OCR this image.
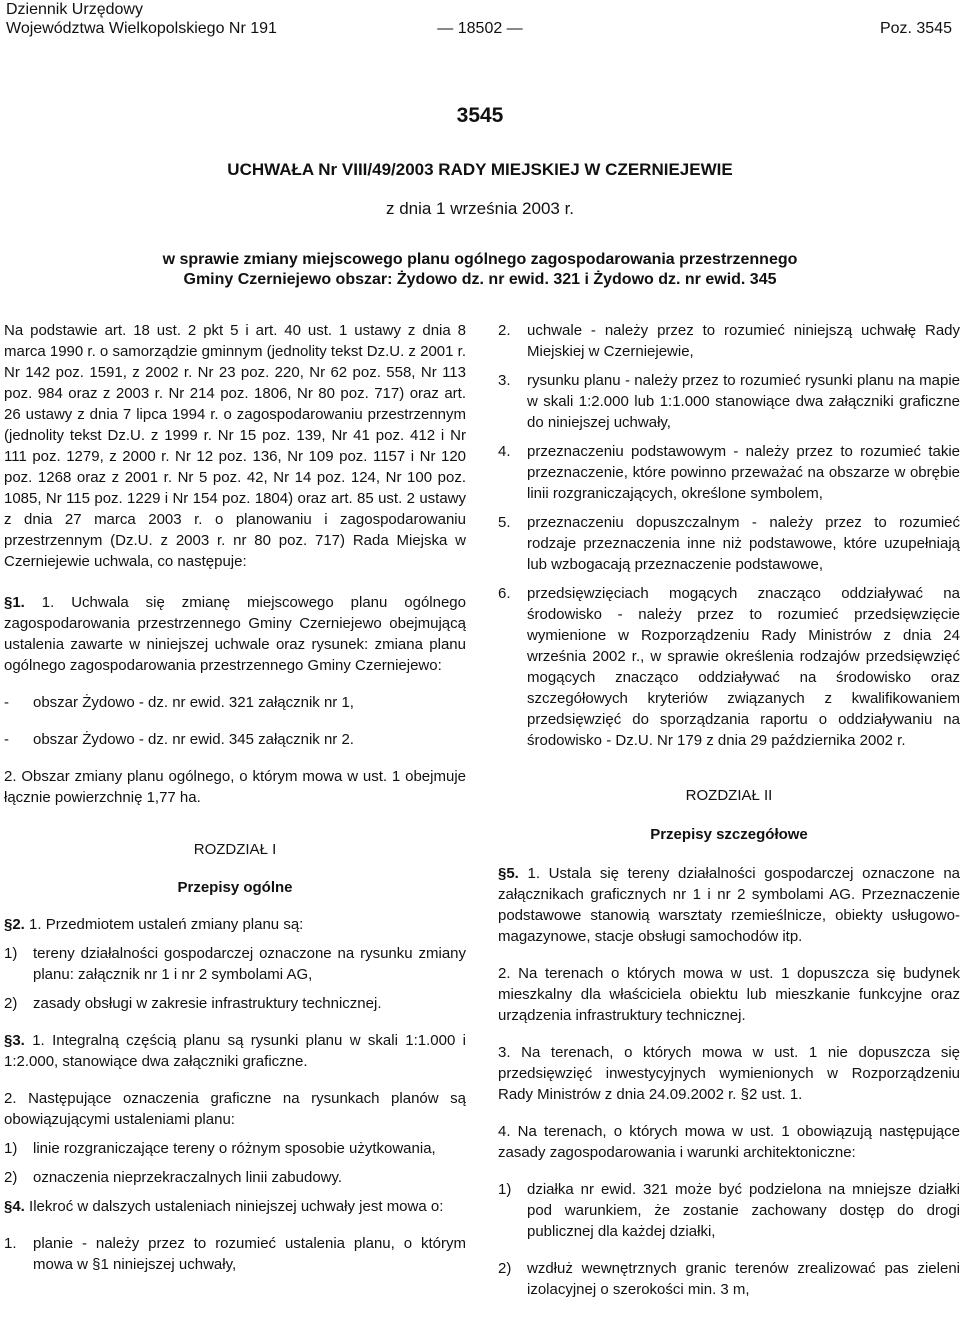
Dziennik Urzędowy
Województwa Wielkopolskiego Nr 191	— 18502 —	Poz. 3545
3545
UCHWAŁA Nr VIII/49/2003 RADY MIEJSKIEJ W CZERNIEJEWIE
z dnia 1 września 2003 r.
w sprawie zmiany miejscowego planu ogólnego zagospodarowania przestrzennego
Gminy Czerniejewo obszar: Żydowo dz. nr ewid. 321 i Żydowo dz. nr ewid. 345

Na podstawie art. 18 ust. 2 pkt 5 i art. 40 ust. 1 ustawy z dnia 8 marca 1990 r. o samorządzie gminnym (jednolity tekst Dz.U. z 2001 r. Nr 142 poz. 1591, z 2002 r. Nr 23 poz. 220, Nr 62 poz. 558, Nr 113 poz. 984 oraz z 2003 r. Nr 214 poz. 1806, Nr 80 poz. 717) oraz art. 26 ustawy z dnia 7 lipca 1994 r. o zagospodarowaniu przestrzennym (jednolity tekst Dz.U. z 1999 r. Nr 15 poz. 139, Nr 41 poz. 412 i Nr 111 poz. 1279, z 2000 r. Nr 12 poz. 136, Nr 109 poz. 1157 i Nr 120 poz. 1268 oraz z 2001 r. Nr 5 poz. 42, Nr 14 poz. 124, Nr 100 poz. 1085, Nr 115 poz. 1229 i Nr 154 poz. 1804) oraz art. 85 ust. 2 ustawy z dnia 27 marca 2003 r. o planowaniu i zagospodarowaniu przestrzennym (Dz.U. z 2003 r. nr 80 poz. 717) Rada Miejska w Czerniejewie uchwala, co następuje:

§1. 1. Uchwala się zmianę miejscowego planu ogólnego zagospodarowania przestrzennego Gminy Czerniejewo obejmującą ustalenia zawarte w niniejszej uchwale oraz rysunek: zmiana planu ogólnego zagospodarowania przestrzennego Gminy Czerniejewo:

-	obszar Żydowo - dz. nr ewid. 321 załącznik nr 1,
-	obszar Żydowo - dz. nr ewid. 345 załącznik nr 2.

2. Obszar zmiany planu ogólnego, o którym mowa w ust. 1 obejmuje łącznie powierzchnię 1,77 ha.

ROZDZIAŁ I

Przepisy ogólne

§2. 1. Przedmiotem ustaleń zmiany planu są:

1)	tereny działalności gospodarczej oznaczone na rysunku zmiany planu: załącznik nr 1 i nr 2 symbolami AG,
2)	zasady obsługi w zakresie infrastruktury technicznej.

§3. 1. Integralną częścią planu są rysunki planu w skali 1:1.000 i 1:2.000, stanowiące dwa załączniki graficzne.

2. Następujące oznaczenia graficzne na rysunkach planów są obowiązującymi ustaleniami planu:

1)	linie rozgraniczające tereny o różnym sposobie użytkowania,
2)	oznaczenia nieprzekraczalnych linii zabudowy.

§4. Ilekroć w dalszych ustaleniach niniejszej uchwały jest mowa o:

1.	planie - należy przez to rozumieć ustalenia planu, o którym mowa w §1 niniejszej uchwały,
2.	uchwale - należy przez to rozumieć niniejszą uchwałę Rady Miejskiej w Czerniejewie,
3.	rysunku planu - należy przez to rozumieć rysunki planu na mapie w skali 1:2.000 lub 1:1.000 stanowiące dwa załączniki graficzne do niniejszej uchwały,
4.	przeznaczeniu podstawowym - należy przez to rozumieć takie przeznaczenie, które powinno przeważać na obszarze w obrębie linii rozgraniczających, określone symbolem,
5.	przeznaczeniu dopuszczalnym - należy przez to rozumieć rodzaje przeznaczenia inne niż podstawowe, które uzupełniają lub wzbogacają przeznaczenie podstawowe,
6.	przedsięwzięciach mogących znacząco oddziaływać na środowisko - należy przez to rozumieć przedsięwzięcie wymienione w Rozporządzeniu Rady Ministrów z dnia 24 września 2002 r., w sprawie określenia rodzajów przedsięwzięć mogących znacząco oddziaływać na środowisko oraz szczegółowych kryteriów związanych z kwalifikowaniem przedsięwzięć do sporządzania raportu o oddziaływaniu na środowisko - Dz.U. Nr 179 z dnia 29 października 2002 r.

ROZDZIAŁ II

Przepisy szczegółowe

§5. 1. Ustala się tereny działalności gospodarczej oznaczone na załącznikach graficznych nr 1 i nr 2 symbolami AG. Przeznaczenie podstawowe stanowią warsztaty rzemieślnicze, obiekty usługowo-magazynowe, stacje obsługi samochodów itp.

2. Na terenach o których mowa w ust. 1 dopuszcza się budynek mieszkalny dla właściciela obiektu lub mieszkanie funkcyjne oraz urządzenia infrastruktury technicznej.

3. Na terenach, o których mowa w ust. 1 nie dopuszcza się przedsięwzięć inwestycyjnych wymienionych w Rozporządzeniu Rady Ministrów z dnia 24.09.2002 r. §2 ust. 1.

4. Na terenach, o których mowa w ust. 1 obowiązują następujące zasady zagospodarowania i warunki architektoniczne:

1)	działka nr ewid. 321 może być podzielona na mniejsze działki pod warunkiem, że zostanie zachowany dostęp do drogi publicznej dla każdej działki,
2)	wzdłuż wewnętrznych granic terenów zrealizować pas zieleni izolacyjnej o szerokości min. 3 m,
